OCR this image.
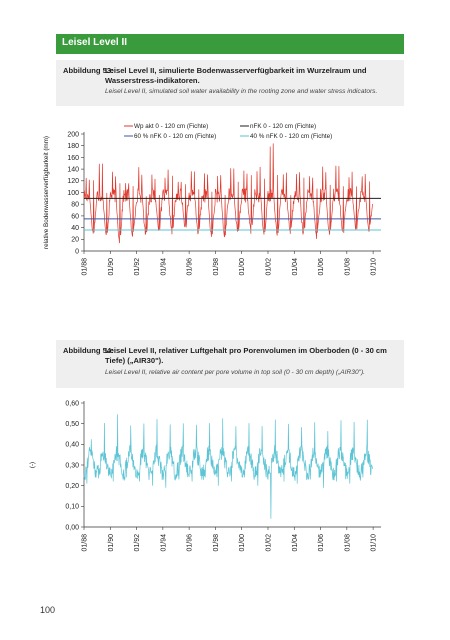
Leisel Level II
Abbildung 53:
Leisel Level II, simulierte Bodenwasserverfügbarkeit im Wurzelraum und Wasserstress-indikatoren.
Leisel Level II, simulated soil water availability in the rooting zone and water stress indicators.
Abbildung 54:
Leisel Level II, relativer Luftgehalt pro Porenvolumen im Oberboden (0 - 30 cm Tiefe) („AIR30").
Leisel Level II, relative air content per pore volume in top soil (0 - 30 cm depth) („AIR30").
0
20
40
60
80
100
120
140
160
180
200
01/88	01/90	01/92	01/94	01/96	01/98	01/00	01/02	01/04	01/06	01/08	01/10
relative Bodenwasserverfügbarkeit (mm)
Wp akt 0 - 120 cm (Fichte)	nFK 0 - 120 cm (Fichte)
60 % nFK 0 - 120 cm (Fichte)	40 % nFK 0 - 120 cm (Fichte)
0,00
0,10
0,20
0,30
0,40
0,50
0,60
01/88	01/90	01/92	01/94	01/96	01/98	01/00	01/02	01/04	01/06	01/08	01/10
(-)
100
